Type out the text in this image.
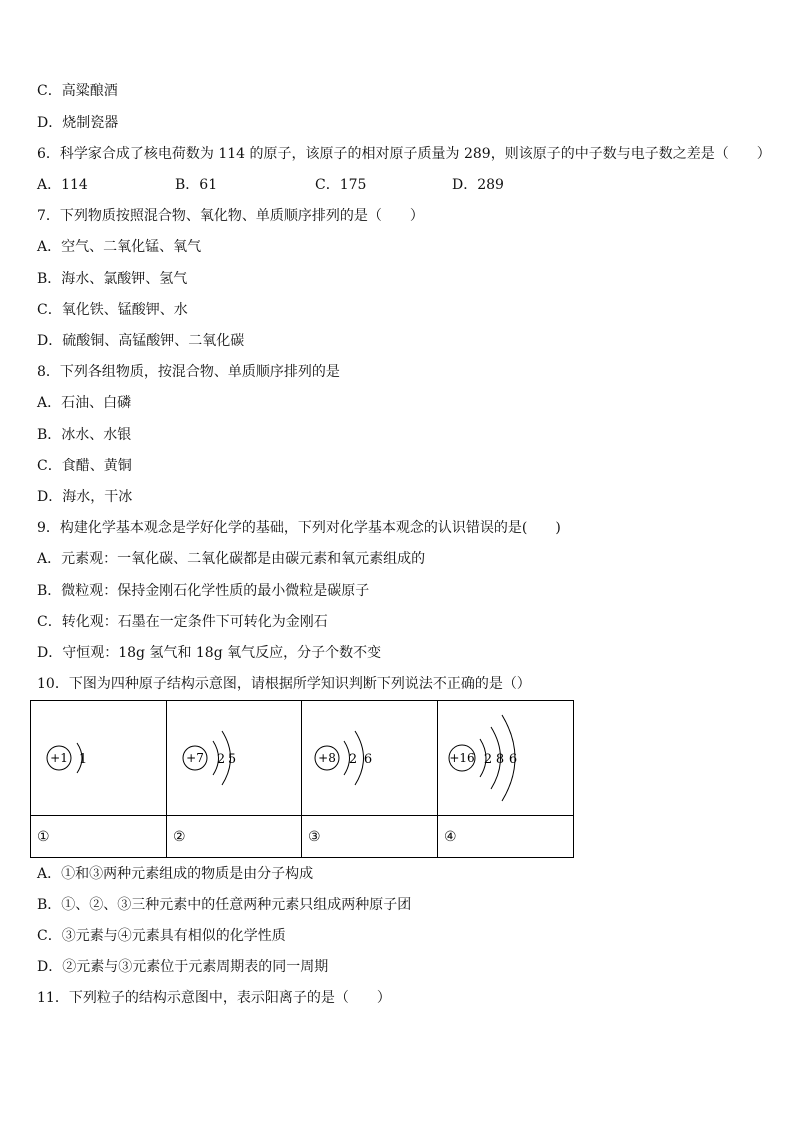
C．高粱酿酒
D．烧制瓷器
6．科学家合成了核电荷数为 114 的原子，该原子的相对原子质量为 289，则该原子的中子数与电子数之差是（　　）
A．114	B．61	C．175	D．289
7．下列物质按照混合物、氧化物、单质顺序排列的是（　　）
A．空气、二氧化锰、氧气
B．海水、氯酸钾、氢气
C．氧化铁、锰酸钾、水
D．硫酸铜、高锰酸钾、二氧化碳
8．下列各组物质，按混合物、单质顺序排列的是
A．石油、白磷
B．冰水、水银
C．食醋、黄铜
D．海水，干冰
9．构建化学基本观念是学好化学的基础，下列对化学基本观念的认识错误的是(　　)
A．元素观：一氧化碳、二氧化碳都是由碳元素和氧元素组成的
B．微粒观：保持金刚石化学性质的最小微粒是碳原子
C．转化观：石墨在一定条件下可转化为金刚石
D．守恒观：18g 氢气和 18g 氧气反应，分子个数不变
10．下图为四种原子结构示意图，请根据所学知识判断下列说法不正确的是（）
+1 1	+7 2 5	+8 2 6	+16 2 8 6

①	②	③	④
A．①和③两种元素组成的物质是由分子构成
B．①、②、③三种元素中的任意两种元素只组成两种原子团
C．③元素与④元素具有相似的化学性质
D．②元素与③元素位于元素周期表的同一周期
11．下列粒子的结构示意图中，表示阳离子的是（　　）
